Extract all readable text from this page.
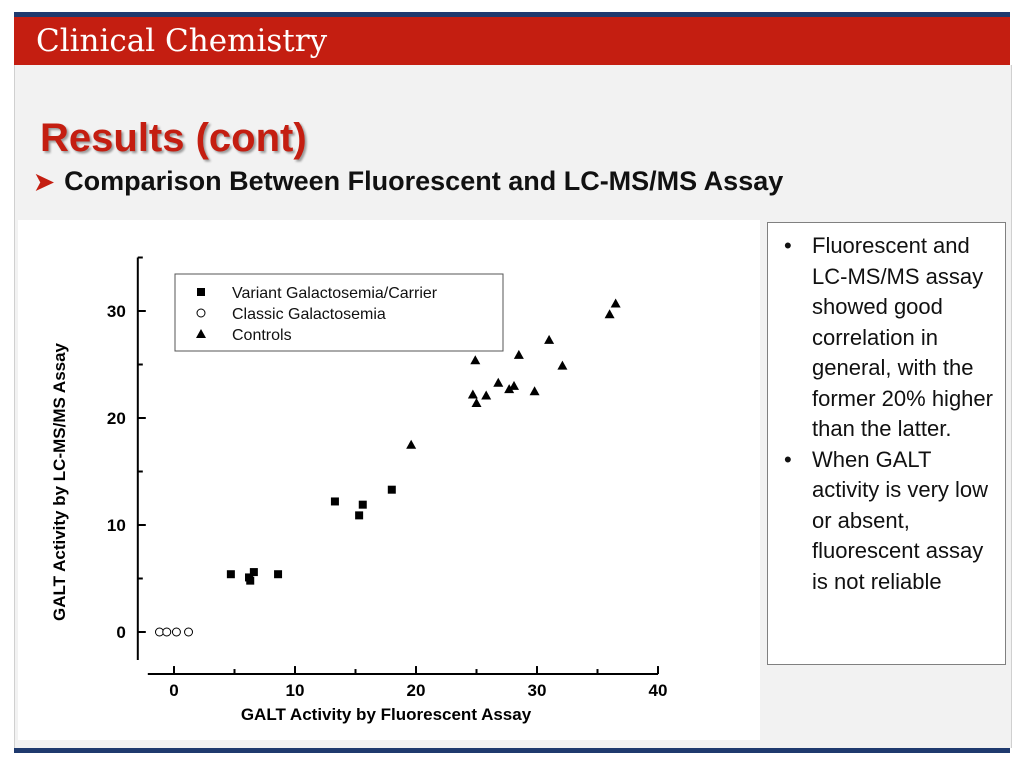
Clinical Chemistry
Results (cont)
➤ Comparison Between Fluorescent and LC-MS/MS Assay
0	10	20	30	40
0
10
20
30
Variant Galactosemia/Carrier
Classic Galactosemia
Controls
GALT Activity by Fluorescent Assay
GALT Activity by LC-MS/MS Assay
• Fluorescent and LC-MS/MS assay showed good correlation in general, with the former 20% higher than the latter.
• When GALT activity is very low or absent, fluorescent assay is not reliable
